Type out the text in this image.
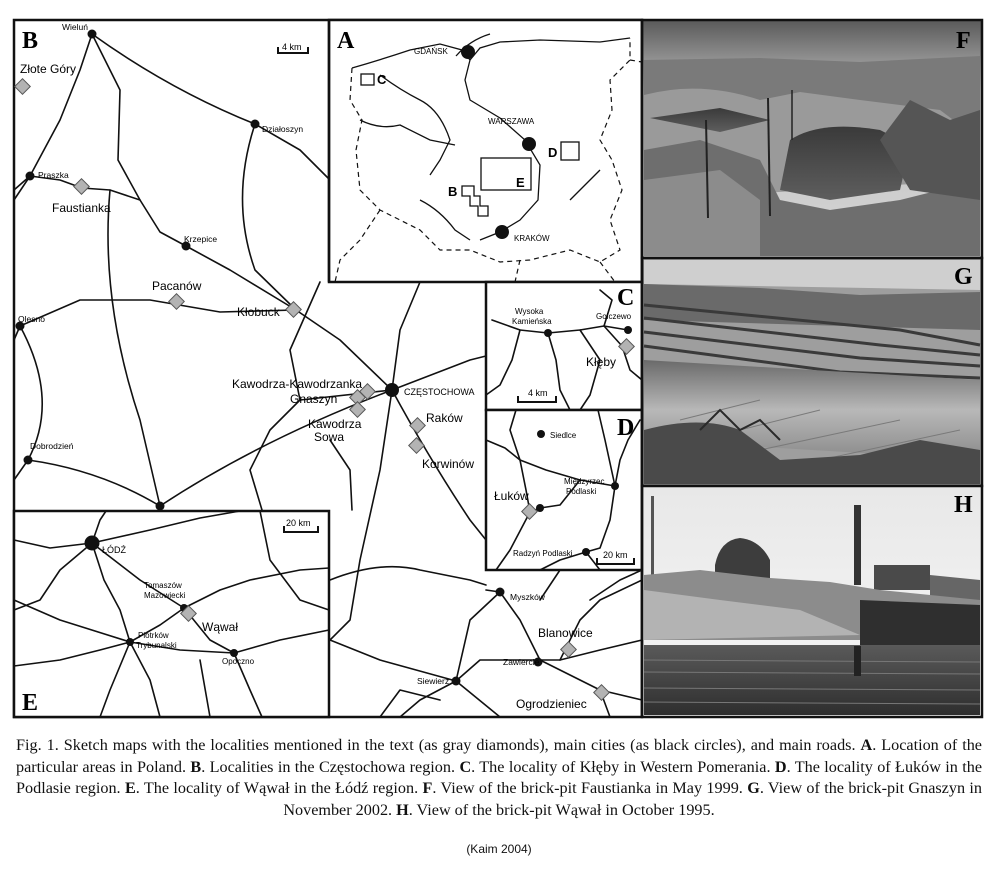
B	4 km
Wieluń
Działoszyn
Praszka
Krzepice
Olesno
Dobrodzień
Myszków
Zawiercie
Siewierz
CZĘSTOCHOWA
Złote Góry
Faustianka
Pacanów
Kłobuck
Kawodrza-Kawodrzanka
Gnaszyn
Kawodrza
Sowa
Raków
Korwinów
Blanowice
Ogrodzieniec
A	GDAŃSK
WARSZAWA
KRAKÓW
C
D
B
E
C
Wysoka
Kamieńska
Golczewo
Kłęby
4 km
D
Siedlce
Międzyrzec
Podlaski
Radzyń Podlaski
Łuków
20 km
E
20 km
ŁÓDŹ
Tomaszów
Mazowiecki
Piotrków
Trybunalski
Opoczno
Wąwał
F
G
H

Fig. 1. Sketch maps with the localities mentioned in the text (as gray diamonds), main cities (as black circles), and main roads. A. Location of the particular areas in Poland. B. Localities in the Częstochowa region. C. The locality of Kłęby in Western Pomerania. D. The locality of Łuków in the Podlasie region. E. The locality of Wąwał in the Łódź region. F. View of the brick-pit Faustianka in May 1999. G. View of the brick-pit Gnaszyn in November 2002. H. View of the brick-pit Wąwał in October 1995.

(Kaim 2004)
